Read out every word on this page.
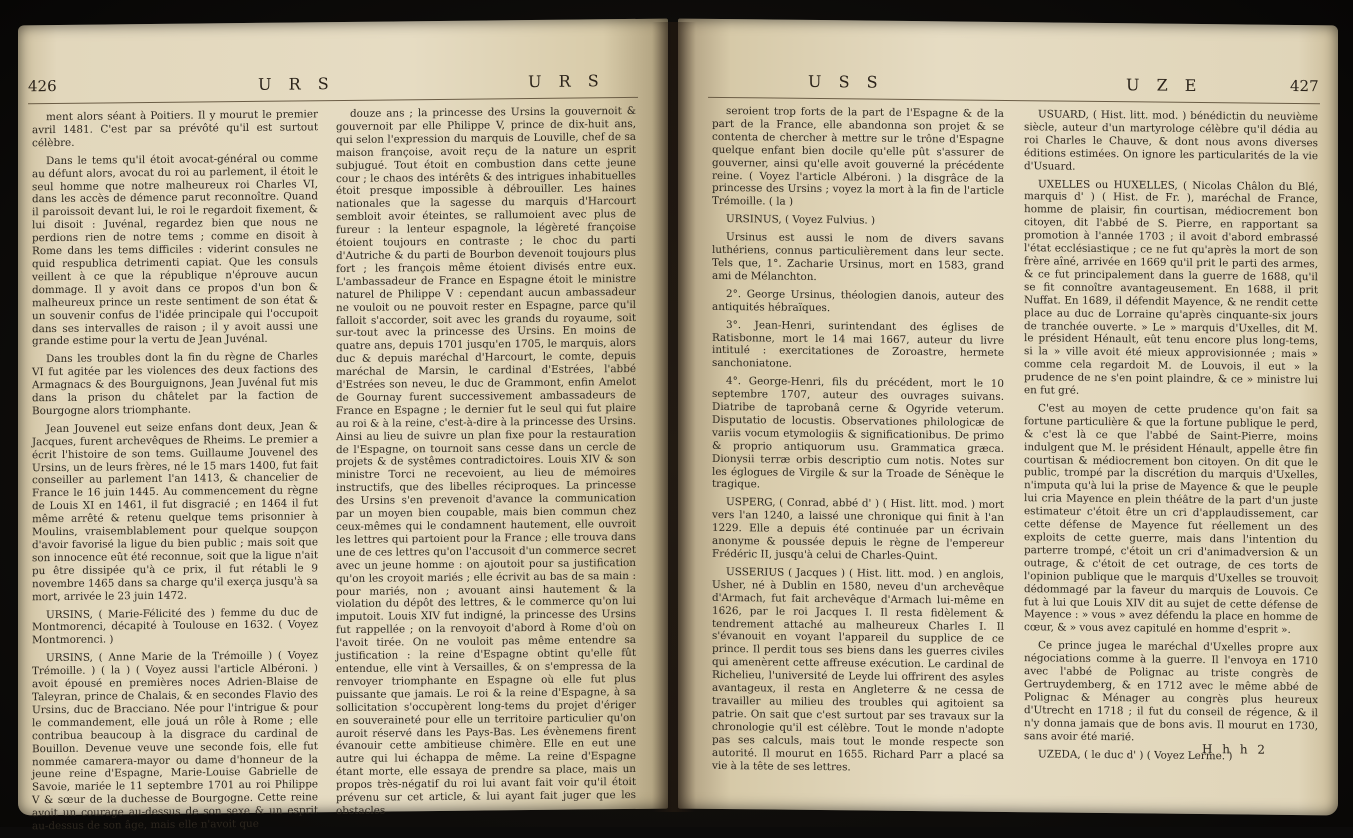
426	U R S	U R S

ment alors séant à Poitiers. Il y mourut le premier avril 1481. C'est par sa prévôté qu'il est surtout célèbre.

Dans le tems qu'il étoit avocat-général ou comme au défunt alors, avocat du roi au parlement, il étoit le seul homme que notre malheureux roi Charles VI, dans les accès de démence parut reconnoître. Quand il paroissoit devant lui, le roi le regardoit fixement, & lui disoit : Juvénal, regardez bien que nous ne perdions rien de notre tems ; comme en disoit à Rome dans les tems difficiles : viderint consules ne quid respublica detrimenti capiat. Que les consuls veillent à ce que la république n'éprouve aucun dommage. Il y avoit dans ce propos d'un bon & malheureux prince un reste sentiment de son état & un souvenir confus de l'idée principale qui l'occupoit dans ses intervalles de raison ; il y avoit aussi une grande estime pour la vertu de Jean Juvénal.

Dans les troubles dont la fin du règne de Charles VI fut agitée par les violences des deux factions des Armagnacs & des Bourguignons, Jean Juvénal fut mis dans la prison du châtelet par la faction de Bourgogne alors triomphante.

Jean Jouvenel eut seize enfans dont deux, Jean & Jacques, furent archevêques de Rheims. Le premier a écrit l'histoire de son tems. Guillaume Jouvenel des Ursins, un de leurs frères, né le 15 mars 1400, fut fait conseiller au parlement l'an 1413, & chancelier de France le 16 juin 1445. Au commencement du règne de Louis XI en 1461, il fut disgracié ; en 1464 il fut même arrêté & retenu quelque tems prisonnier à Moulins, vraisemblablement pour quelque soupçon d'avoir favorisé la ligue du bien public ; mais soit que son innocence eût été reconnue, soit que la ligue n'ait pu être dissipée qu'à ce prix, il fut rétabli le 9 novembre 1465 dans sa charge qu'il exerça jusqu'à sa mort, arrivée le 23 juin 1472.

URSINS, ( Marie-Félicité des ) femme du duc de Montmorenci, décapité à Toulouse en 1632. ( Voyez Montmorenci. )

URSINS, ( Anne Marie de la Trémoille ) ( Voyez Trémoille. ) ( la ) ( Voyez aussi l'article Albéroni. ) avoit épousé en premières noces Adrien-Blaise de Taleyran, prince de Chalais, & en secondes Flavio des Ursins, duc de Bracciano. Née pour l'intrigue & pour le commandement, elle jouá un rôle à Rome ; elle contribua beaucoup à la disgrace du cardinal de Bouillon. Devenue veuve une seconde fois, elle fut nommée camarera-mayor ou dame d'honneur de la jeune reine d'Espagne, Marie-Louise Gabrielle de Savoie, mariée le 11 septembre 1701 au roi Philippe V & sœur de la duchesse de Bourgogne. Cette reine avoit un courage au-dessus de son sexe & un esprit au-dessus de son âge, mais elle n'avoit que

douze ans ; la princesse des Ursins la gouvernoit & gouvernoit par elle Philippe V, prince de dix-huit ans, qui selon l'expression du marquis de Louville, chef de sa maison françoise, avoit reçu de la nature un esprit subjugué. Tout étoit en combustion dans cette jeune cour ; le chaos des intérêts & des intrigues inhabituelles étoit presque impossible à débrouiller. Les haines nationales que la sagesse du marquis d'Harcourt sembloit avoir éteintes, se rallumoient avec plus de fureur : la lenteur espagnole, la légèreté françoise étoient toujours en contraste ; le choc du parti d'Autriche & du parti de Bourbon devenoit toujours plus fort ; les françois même étoient divisés entre eux. L'ambassadeur de France en Espagne étoit le ministre naturel de Philippe V : cependant aucun ambassadeur ne vouloit ou ne pouvoit rester en Espagne, parce qu'il falloit s'accorder, soit avec les grands du royaume, soit sur-tout avec la princesse des Ursins. En moins de quatre ans, depuis 1701 jusqu'en 1705, le marquis, alors duc & depuis maréchal d'Harcourt, le comte, depuis maréchal de Marsin, le cardinal d'Estrées, l'abbé d'Estrées son neveu, le duc de Grammont, enfin Amelot de Gournay furent successivement ambassadeurs de France en Espagne ; le dernier fut le seul qui fut plaire au roi & à la reine, c'est-à-dire à la princesse des Ursins. Ainsi au lieu de suivre un plan fixe pour la restauration de l'Espagne, on tournoit sans cesse dans un cercle de projets & de systêmes contradictoires. Louis XIV & son ministre Torci ne recevoient, au lieu de mémoires instructifs, que des libelles réciproques. La princesse des Ursins s'en prevenoit d'avance la communication par un moyen bien coupable, mais bien commun chez ceux-mêmes qui le condamnent hautement, elle ouvroit les lettres qui partoient pour la France ; elle trouva dans une de ces lettres qu'on l'accusoit d'un commerce secret avec un jeune homme : on ajoutoit pour sa justification qu'on les croyoit mariés ; elle écrivit au bas de sa main : pour mariés, non ; avouant ainsi hautement & la violation du dépôt des lettres, & le commerce qu'on lui imputoit. Louis XIV fut indigné, la princesse des Ursins fut rappellée ; on la renvoyoit d'abord à Rome d'où on l'avoit tirée. On ne vouloit pas même entendre sa justification : la reine d'Espagne obtint qu'elle fût entendue, elle vint à Versailles, & on s'empressa de la renvoyer triomphante en Espagne où elle fut plus puissante que jamais. Le roi & la reine d'Espagne, à sa sollicitation s'occupèrent long-tems du projet d'ériger en souveraineté pour elle un territoire particulier qu'on auroit réservé dans les Pays-Bas. Les évènemens firent évanouir cette ambitieuse chimère. Elle en eut une autre qui lui échappa de même. La reine d'Espagne étant morte, elle essaya de prendre sa place, mais un propos très-négatif du roi lui avant fait voir qu'il étoit prévenu sur cet article, & lui ayant fait juger que les obstacles

U S S	U Z E	427

seroient trop forts de la part de l'Espagne & de la part de la France, elle abandonna son projet & se contenta de chercher à mettre sur le trône d'Espagne quelque enfant bien docile qu'elle pût s'assurer de gouverner, ainsi qu'elle avoit gouverné la précédente reine. ( Voyez l'article Albéroni. ) la disgrâce de la princesse des Ursins ; voyez la mort à la fin de l'article Trémoille. ( la )

URSINUS, ( Voyez Fulvius. )

Ursinus est aussi le nom de divers savans luthériens, connus particulièrement dans leur secte. Tels que, 1°. Zacharie Ursinus, mort en 1583, grand ami de Mélanchton.

2°. George Ursinus, théologien danois, auteur des antiquités hébraïques.

3°. Jean-Henri, surintendant des églises de Ratisbonne, mort le 14 mai 1667, auteur du livre intitulé : exercitationes de Zoroastre, hermete sanchoniatone.

4°. George-Henri, fils du précédent, mort le 10 septembre 1707, auteur des ouvrages suivans. Diatribe de taprobanâ cerne & Ogyride veterum. Disputatio de locustis. Observationes philologicæ de variis vocum etymologiis & significationibus. De primo & proprio antiquorum usu. Grammatica græca. Dionysii terræ orbis descriptio cum notis. Notes sur les églogues de Virgile & sur la Troade de Sénèque le tragique.

USPERG, ( Conrad, abbé d' ) ( Hist. litt. mod. ) mort vers l'an 1240, a laissé une chronique qui finit à l'an 1229. Elle a depuis été continuée par un écrivain anonyme & poussée depuis le règne de l'empereur Frédéric II, jusqu'à celui de Charles-Quint.

USSERIUS ( Jacques ) ( Hist. litt. mod. ) en anglois, Usher, né à Dublin en 1580, neveu d'un archevêque d'Armach, fut fait archevêque d'Armach lui-même en 1626, par le roi Jacques I. Il resta fidèlement & tendrement attaché au malheureux Charles I. Il s'évanouit en voyant l'appareil du supplice de ce prince. Il perdit tous ses biens dans les guerres civiles qui amenèrent cette affreuse exécution. Le cardinal de Richelieu, l'université de Leyde lui offrirent des asyles avantageux, il resta en Angleterre & ne cessa de travailler au milieu des troubles qui agitoient sa patrie. On sait que c'est surtout par ses travaux sur la chronologie qu'il est célèbre. Tout le monde n'adopte pas ses calculs, mais tout le monde respecte son autorité. Il mourut en 1655. Richard Parr a placé sa vie à la tête de ses lettres.

USUARD, ( Hist. litt. mod. ) bénédictin du neuvième siècle, auteur d'un martyrologe célèbre qu'il dédia au roi Charles le Chauve, & dont nous avons diverses éditions estimées. On ignore les particularités de la vie d'Usuard.

UXELLES ou HUXELLES, ( Nicolas Châlon du Blé, marquis d' ) ( Hist. de Fr. ), maréchal de France, homme de plaisir, fin courtisan, médiocrement bon citoyen, dit l'abbé de S. Pierre, en rapportant sa promotion à l'année 1703 ; il avoit d'abord embrassé l'état ecclésiastique ; ce ne fut qu'après la mort de son frère aîné, arrivée en 1669 qu'il prit le parti des armes, & ce fut principalement dans la guerre de 1688, qu'il se fit connoître avantageusement. En 1688, il prit Nuffat. En 1689, il défendit Mayence, & ne rendit cette place au duc de Lorraine qu'après cinquante-six jours de tranchée ouverte. » Le » marquis d'Uxelles, dit M. le président Hénault, eût tenu encore plus long-tems, si la » ville avoit été mieux approvisionnée ; mais » comme cela regardoit M. de Louvois, il eut » la prudence de ne s'en point plaindre, & ce » ministre lui en fut gré.

C'est au moyen de cette prudence qu'on fait sa fortune particulière & que la fortune publique le perd, & c'est là ce que l'abbé de Saint-Pierre, moins indulgent que M. le président Hénault, appelle être fin courtisan & médiocrement bon citoyen. On dit que le public, trompé par la discrétion du marquis d'Uxelles, n'imputa qu'à lui la prise de Mayence & que le peuple lui cria Mayence en plein théâtre de la part d'un juste estimateur c'étoit être un cri d'applaudissement, car cette défense de Mayence fut réellement un des exploits de cette guerre, mais dans l'intention du parterre trompé, c'étoit un cri d'animadversion & un outrage, & c'étoit de cet outrage, de ces torts de l'opinion publique que le marquis d'Uxelles se trouvoit dédommagé par la faveur du marquis de Louvois. Ce fut à lui que Louis XIV dit au sujet de cette défense de Mayence : » vous » avez défendu la place en homme de cœur, & » vous avez capitulé en homme d'esprit ».

Ce prince jugea le maréchal d'Uxelles propre aux négociations comme à la guerre. Il l'envoya en 1710 avec l'abbé de Polignac au triste congrès de Gertruydemberg, & en 1712 avec le même abbé de Polignac & Ménager au congrès plus heureux d'Utrecht en 1718 ; il fut du conseil de régence, & il n'y donna jamais que de bons avis. Il mourut en 1730, sans avoir été marié.

UZEDA, ( le duc d' ) ( Voyez Lerme. )

H h h 2
